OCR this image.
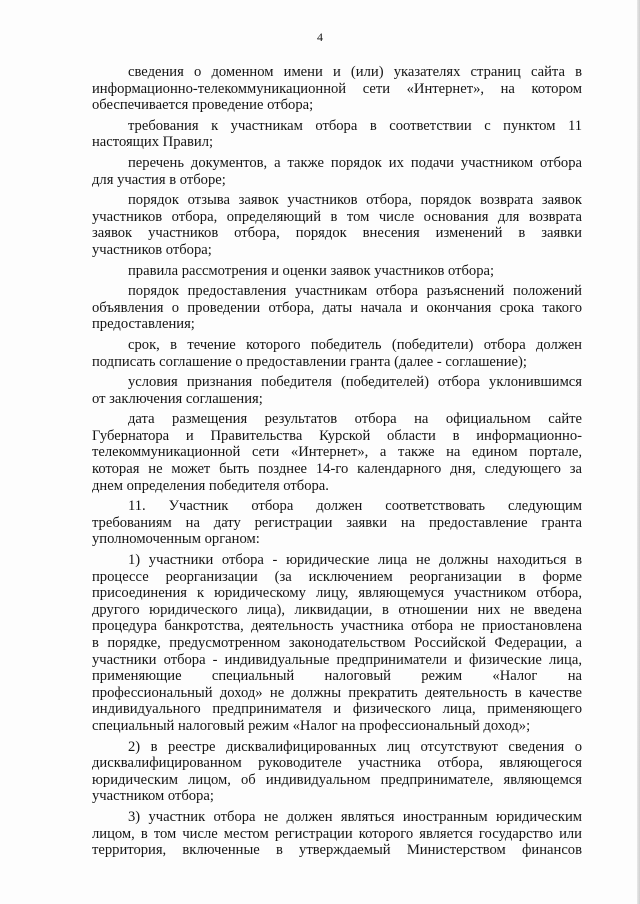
4
сведения о доменном имени и (или) указателях страниц сайта в
информационно-телекоммуникационной сети «Интернет», на котором
обеспечивается проведение отбора;
требования к участникам отбора в соответствии с пунктом 11
настоящих Правил;
перечень документов, а также порядок их подачи участником отбора
для участия в отборе;
порядок отзыва заявок участников отбора, порядок возврата заявок
участников отбора, определяющий в том числе основания для возврата
заявок участников отбора, порядок внесения изменений в заявки
участников отбора;
правила рассмотрения и оценки заявок участников отбора;
порядок предоставления участникам отбора разъяснений положений
объявления о проведении отбора, даты начала и окончания срока такого
предоставления;
срок, в течение которого победитель (победители) отбора должен
подписать соглашение о предоставлении гранта (далее - соглашение);
условия признания победителя (победителей) отбора уклонившимся
от заключения соглашения;
дата размещения результатов отбора на официальном сайте
Губернатора и Правительства Курской области в информационно-
телекоммуникационной сети «Интернет», а также на едином портале,
которая не может быть позднее 14-го календарного дня, следующего за
днем определения победителя отбора.
11. Участник отбора должен соответствовать следующим
требованиям на дату регистрации заявки на предоставление гранта
уполномоченным органом:
1) участники отбора - юридические лица не должны находиться в
процессе реорганизации (за исключением реорганизации в форме
присоединения к юридическому лицу, являющемуся участником отбора,
другого юридического лица), ликвидации, в отношении них не введена
процедура банкротства, деятельность участника отбора не приостановлена
в порядке, предусмотренном законодательством Российской Федерации, а
участники отбора - индивидуальные предприниматели и физические лица,
применяющие специальный налоговый режим «Налог на
профессиональный доход» не должны прекратить деятельность в качестве
индивидуального предпринимателя и физического лица, применяющего
специальный налоговый режим «Налог на профессиональный доход»;
2) в реестре дисквалифицированных лиц отсутствуют сведения о
дисквалифицированном руководителе участника отбора, являющегося
юридическим лицом, об индивидуальном предпринимателе, являющемся
участником отбора;
3) участник отбора не должен являться иностранным юридическим
лицом, в том числе местом регистрации которого является государство или
территория, включенные в утверждаемый Министерством финансов
